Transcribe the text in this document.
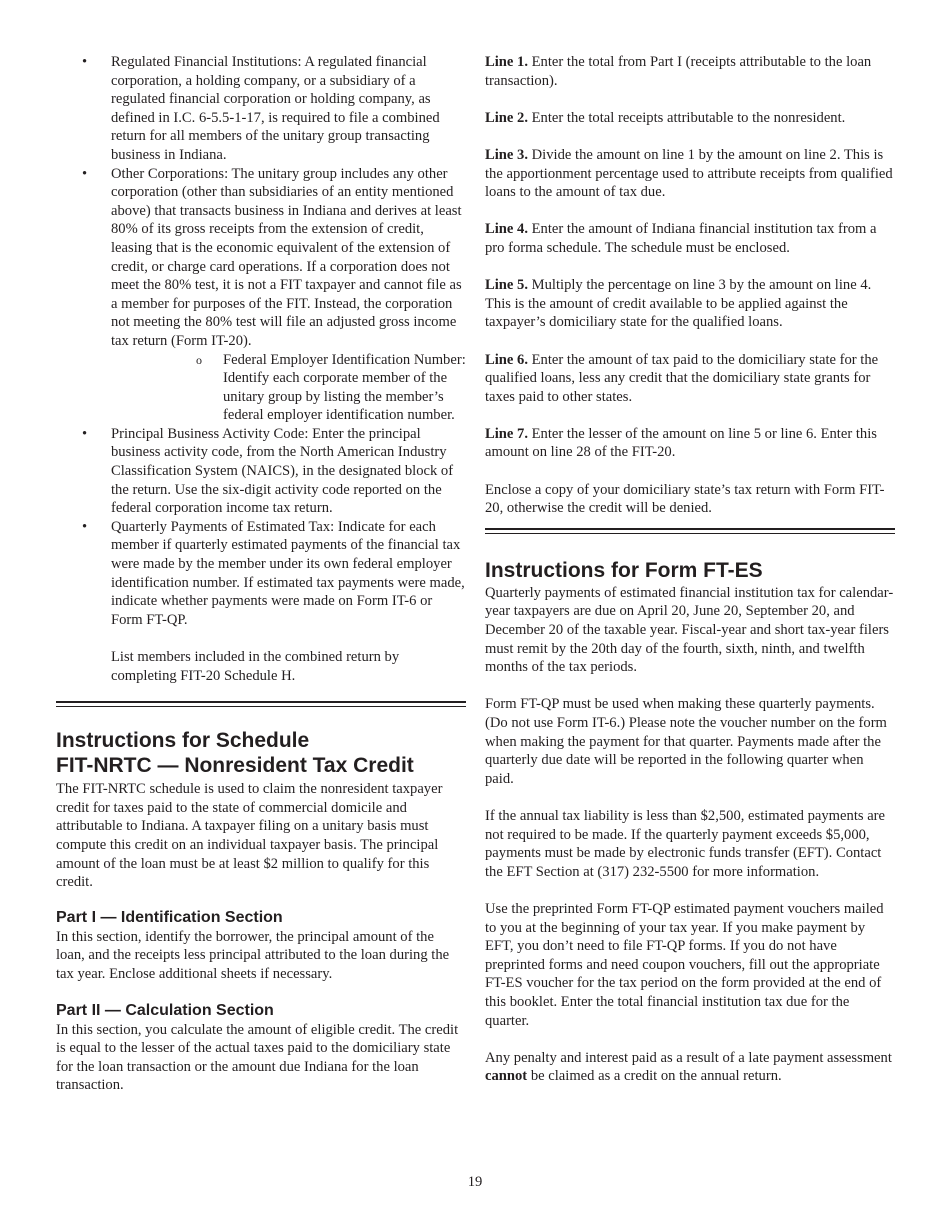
• Regulated Financial Institutions: A regulated financial corporation, a holding company, or a subsidiary of a regulated financial corporation or holding company, as defined in I.C. 6-5.5-1-17, is required to file a combined return for all members of the unitary group transacting business in Indiana.
• Other Corporations: The unitary group includes any other corporation (other than subsidiaries of an entity mentioned above) that transacts business in Indiana and derives at least 80% of its gross receipts from the extension of credit, leasing that is the economic equivalent of the extension of credit, or charge card operations. If a corporation does not meet the 80% test, it is not a FIT taxpayer and cannot file as a member for purposes of the FIT. Instead, the corporation not meeting the 80% test will file an adjusted gross income tax return (Form IT-20).
o Federal Employer Identification Number: Identify each corporate member of the unitary group by listing the member’s federal employer identification number.
• Principal Business Activity Code: Enter the principal business activity code, from the North American Industry Classification System (NAICS), in the designated block of the return. Use the six-digit activity code reported on the federal corporation income tax return.
• Quarterly Payments of Estimated Tax: Indicate for each member if quarterly estimated payments of the financial tax were made by the member under its own federal employer identification number. If estimated tax payments were made, indicate whether payments were made on Form IT-6 or Form FT-QP.

List members included in the combined return by completing FIT-20 Schedule H.

Instructions for Schedule
FIT-NRTC — Nonresident Tax Credit

The FIT-NRTC schedule is used to claim the nonresident taxpayer credit for taxes paid to the state of commercial domicile and attributable to Indiana. A taxpayer filing on a unitary basis must compute this credit on an individual taxpayer basis. The principal amount of the loan must be at least $2 million to qualify for this credit.

Part I — Identification Section

In this section, identify the borrower, the principal amount of the loan, and the receipts less principal attributed to the loan during the tax year. Enclose additional sheets if necessary.

Part II — Calculation Section

In this section, you calculate the amount of eligible credit. The credit is equal to the lesser of the actual taxes paid to the domiciliary state for the loan transaction or the amount due Indiana for the loan transaction.

Line 1. Enter the total from Part I (receipts attributable to the loan transaction).

Line 2. Enter the total receipts attributable to the nonresident.

Line 3. Divide the amount on line 1 by the amount on line 2. This is the apportionment percentage used to attribute receipts from qualified loans to the amount of tax due.

Line 4. Enter the amount of Indiana financial institution tax from a pro forma schedule. The schedule must be enclosed.

Line 5. Multiply the percentage on line 3 by the amount on line 4. This is the amount of credit available to be applied against the taxpayer’s domiciliary state for the qualified loans.

Line 6. Enter the amount of tax paid to the domiciliary state for the qualified loans, less any credit that the domiciliary state grants for taxes paid to other states.

Line 7. Enter the lesser of the amount on line 5 or line 6. Enter this amount on line 28 of the FIT-20.

Enclose a copy of your domiciliary state’s tax return with Form FIT-20, otherwise the credit will be denied.

Instructions for Form FT-ES

Quarterly payments of estimated financial institution tax for calendar-year taxpayers are due on April 20, June 20, September 20, and December 20 of the taxable year. Fiscal-year and short tax-year filers must remit by the 20th day of the fourth, sixth, ninth, and twelfth months of the tax periods.

Form FT-QP must be used when making these quarterly payments. (Do not use Form IT-6.) Please note the voucher number on the form when making the payment for that quarter. Payments made after the quarterly due date will be reported in the following quarter when paid.

If the annual tax liability is less than $2,500, estimated payments are not required to be made. If the quarterly payment exceeds $5,000, payments must be made by electronic funds transfer (EFT). Contact the EFT Section at (317) 232-5500 for more information.

Use the preprinted Form FT-QP estimated payment vouchers mailed to you at the beginning of your tax year. If you make payment by EFT, you don’t need to file FT-QP forms. If you do not have preprinted forms and need coupon vouchers, fill out the appropriate FT-ES voucher for the tax period on the form provided at the end of this booklet. Enter the total financial institution tax due for the quarter.

Any penalty and interest paid as a result of a late payment assessment cannot be claimed as a credit on the annual return.

19
